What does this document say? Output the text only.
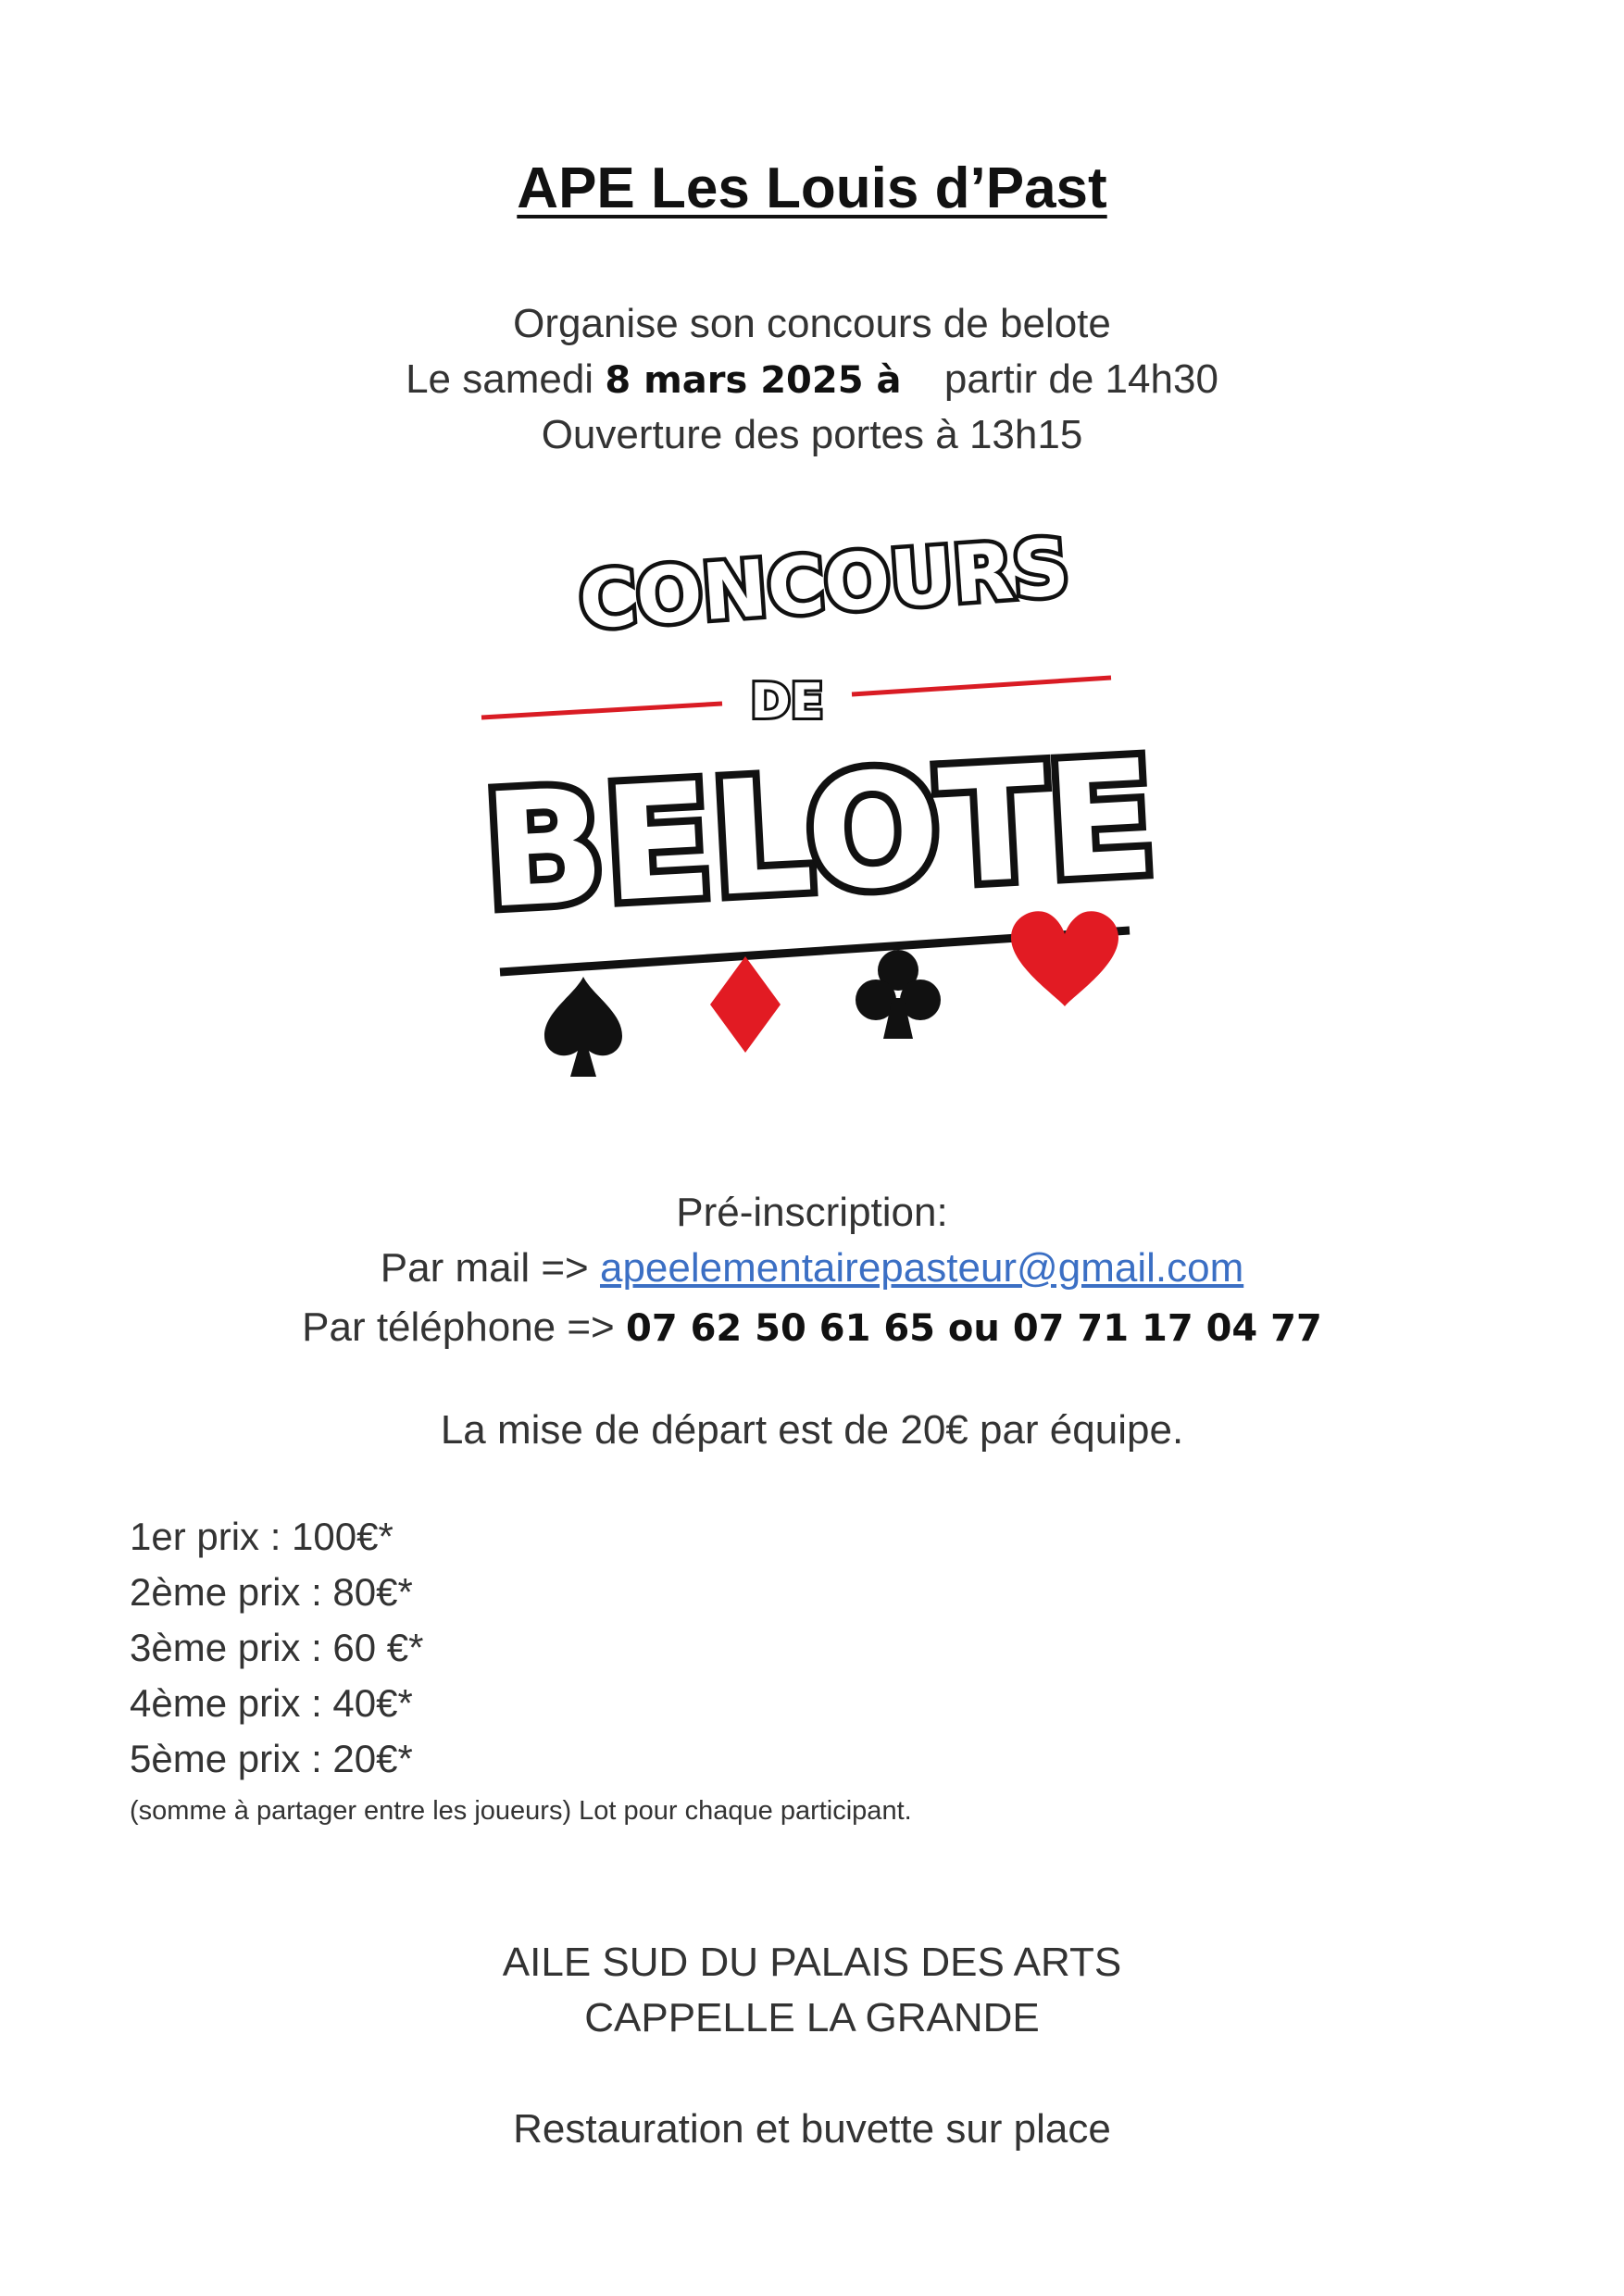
APE Les Louis d’Past
Organise son concours de belote
Le samedi 8 mars 2025 à partir de 14h30
Ouverture des portes à 13h15
CONCOURS
DE
BELOTE
Pré-inscription:
Par mail => apeelementairepasteur@gmail.com
Par téléphone => 07 62 50 61 65 ou 07 71 17 04 77
La mise de départ est de 20€ par équipe.
1er prix : 100€*
2ème prix : 80€*
3ème prix : 60 €*
4ème prix : 40€*
5ème prix : 20€*
(somme à partager entre les joueurs) Lot pour chaque participant.
AILE SUD DU PALAIS DES ARTS
CAPPELLE LA GRANDE
Restauration et buvette sur place
